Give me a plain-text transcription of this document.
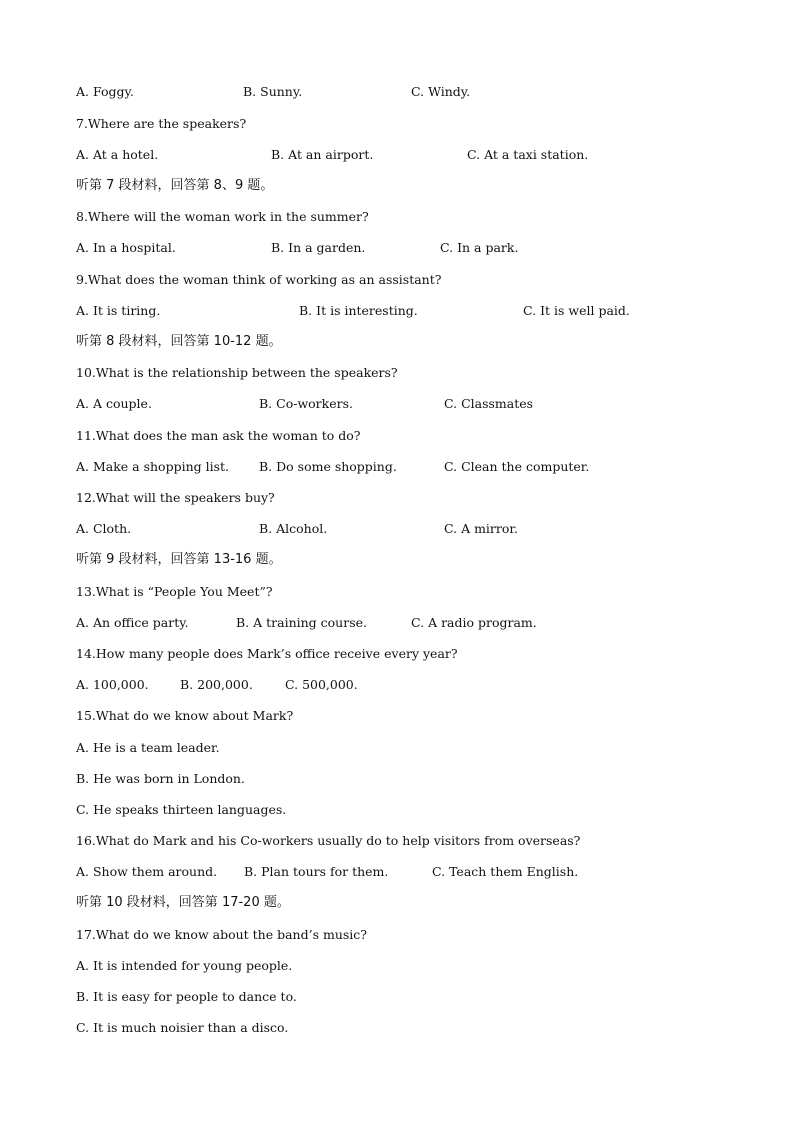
A. Foggy.	B. Sunny.	C. Windy.
7.Where are the speakers?
A. At a hotel.	B. At an airport.	C. At a taxi station.
听第 7 段材料，回答第 8、9 题。
8.Where will the woman work in the summer?
A. In a hospital.	B. In a garden.	C. In a park.
9.What does the woman think of working as an assistant?
A. It is tiring.	B. It is interesting.	C. It is well paid.
听第 8 段材料，回答第 10-12 题。
10.What is the relationship between the speakers?
A. A couple.	B. Co-workers.	C. Classmates
11.What does the man ask the woman to do?
A. Make a shopping list. B. Do some shopping.	C. Clean the computer.
12.What will the speakers buy?
A. Cloth.	B. Alcohol.	C. A mirror.
听第 9 段材料，回答第 13-16 题。
13.What is “People You Meet”?
A. An office party.	B. A training course.	C. A radio program.
14.How many people does Mark’s office receive every year?
A. 100,000.	B. 200,000.	C. 500,000.
15.What do we know about Mark?
A. He is a team leader.
B. He was born in London.
C. He speaks thirteen languages.
16.What do Mark and his Co-workers usually do to help visitors from overseas?
A. Show them around. B. Plan tours for them.	C. Teach them English.
听第 10 段材料，回答第 17-20 题。
17.What do we know about the band’s music?
A. It is intended for young people.
B. It is easy for people to dance to.
C. It is much noisier than a disco.
